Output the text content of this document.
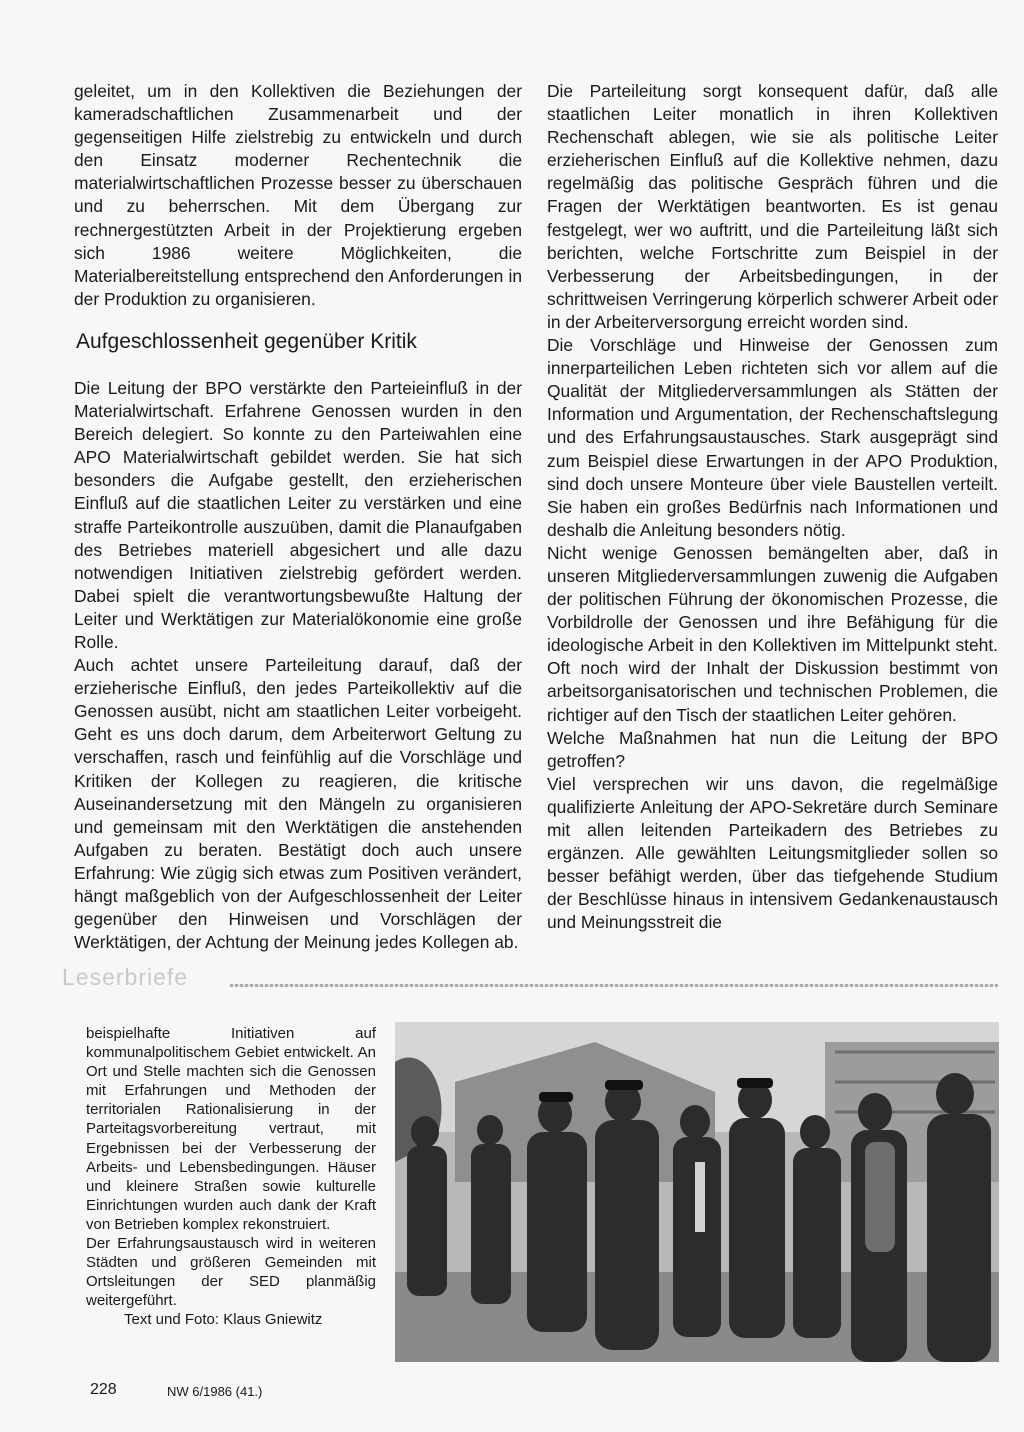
geleitet, um in den Kollektiven die Beziehungen der kameradschaftlichen Zusammenarbeit und der gegenseitigen Hilfe zielstrebig zu entwickeln und durch den Einsatz moderner Rechentechnik die materialwirtschaftlichen Prozesse besser zu überschauen und zu beherrschen. Mit dem Übergang zur rechnergestützten Arbeit in der Projektierung ergeben sich 1986 weitere Möglichkeiten, die Materialbereitstellung entsprechend den Anforderungen in der Produktion zu organisieren.

Aufgeschlossenheit gegenüber Kritik

Die Leitung der BPO verstärkte den Parteieinfluß in der Materialwirtschaft. Erfahrene Genossen wurden in den Bereich delegiert. So konnte zu den Parteiwahlen eine APO Materialwirtschaft gebildet werden. Sie hat sich besonders die Aufgabe gestellt, den erzieherischen Einfluß auf die staatlichen Leiter zu verstärken und eine straffe Parteikontrolle auszuüben, damit die Planaufgaben des Betriebes materiell abgesichert und alle dazu notwendigen Initiativen zielstrebig gefördert werden. Dabei spielt die verantwortungsbewußte Haltung der Leiter und Werktätigen zur Materialökonomie eine große Rolle.

Auch achtet unsere Parteileitung darauf, daß der erzieherische Einfluß, den jedes Parteikollektiv auf die Genossen ausübt, nicht am staatlichen Leiter vorbeigeht. Geht es uns doch darum, dem Arbeiterwort Geltung zu verschaffen, rasch und feinfühlig auf die Vorschläge und Kritiken der Kollegen zu reagieren, die kritische Auseinandersetzung mit den Mängeln zu organisieren und gemeinsam mit den Werktätigen die anstehenden Aufgaben zu beraten. Bestätigt doch auch unsere Erfahrung: Wie zügig sich etwas zum Positiven verändert, hängt maßgeblich von der Aufgeschlossenheit der Leiter gegenüber den Hinweisen und Vorschlägen der Werktätigen, der Achtung der Meinung jedes Kollegen ab.

Die Parteileitung sorgt konsequent dafür, daß alle staatlichen Leiter monatlich in ihren Kollektiven Rechenschaft ablegen, wie sie als politische Leiter erzieherischen Einfluß auf die Kollektive nehmen, dazu regelmäßig das politische Gespräch führen und die Fragen der Werktätigen beantworten. Es ist genau festgelegt, wer wo auftritt, und die Parteileitung läßt sich berichten, welche Fortschritte zum Beispiel in der Verbesserung der Arbeitsbedingungen, in der schrittweisen Verringerung körperlich schwerer Arbeit oder in der Arbeiterversorgung erreicht worden sind.

Die Vorschläge und Hinweise der Genossen zum innerparteilichen Leben richteten sich vor allem auf die Qualität der Mitgliederversammlungen als Stätten der Information und Argumentation, der Rechenschaftslegung und des Erfahrungsaustausches. Stark ausgeprägt sind zum Beispiel diese Erwartungen in der APO Produktion, sind doch unsere Monteure über viele Baustellen verteilt. Sie haben ein großes Bedürfnis nach Informationen und deshalb die Anleitung besonders nötig.

Nicht wenige Genossen bemängelten aber, daß in unseren Mitgliederversammlungen zuwenig die Aufgaben der politischen Führung der ökonomischen Prozesse, die Vorbildrolle der Genossen und ihre Befähigung für die ideologische Arbeit in den Kollektiven im Mittelpunkt steht. Oft noch wird der Inhalt der Diskussion bestimmt von arbeitsorganisatorischen und technischen Problemen, die richtiger auf den Tisch der staatlichen Leiter gehören.

Welche Maßnahmen hat nun die Leitung der BPO getroffen?

Viel versprechen wir uns davon, die regelmäßige qualifizierte Anleitung der APO-Sekretäre durch Seminare mit allen leitenden Parteikadern des Betriebes zu ergänzen. Alle gewählten Leitungsmitglieder sollen so besser befähigt werden, über das tiefgehende Studium der Beschlüsse hinaus in intensivem Gedankenaustausch und Meinungsstreit die

Leserbriefe

beispielhafte Initiativen auf kommunalpolitischem Gebiet entwickelt. An Ort und Stelle machten sich die Genossen mit Erfahrungen und Methoden der territorialen Rationalisierung in der Parteitagsvorbereitung vertraut, mit Ergebnissen bei der Verbesserung der Arbeits- und Lebensbedingungen. Häuser und kleinere Straßen sowie kulturelle Einrichtungen wurden auch dank der Kraft von Betrieben komplex rekonstruiert.

Der Erfahrungsaustausch wird in weiteren Städten und größeren Gemeinden mit Ortsleitungen der SED planmäßig weitergeführt.

Text und Foto: Klaus Gniewitz

228	NW 6/1986 (41.)
